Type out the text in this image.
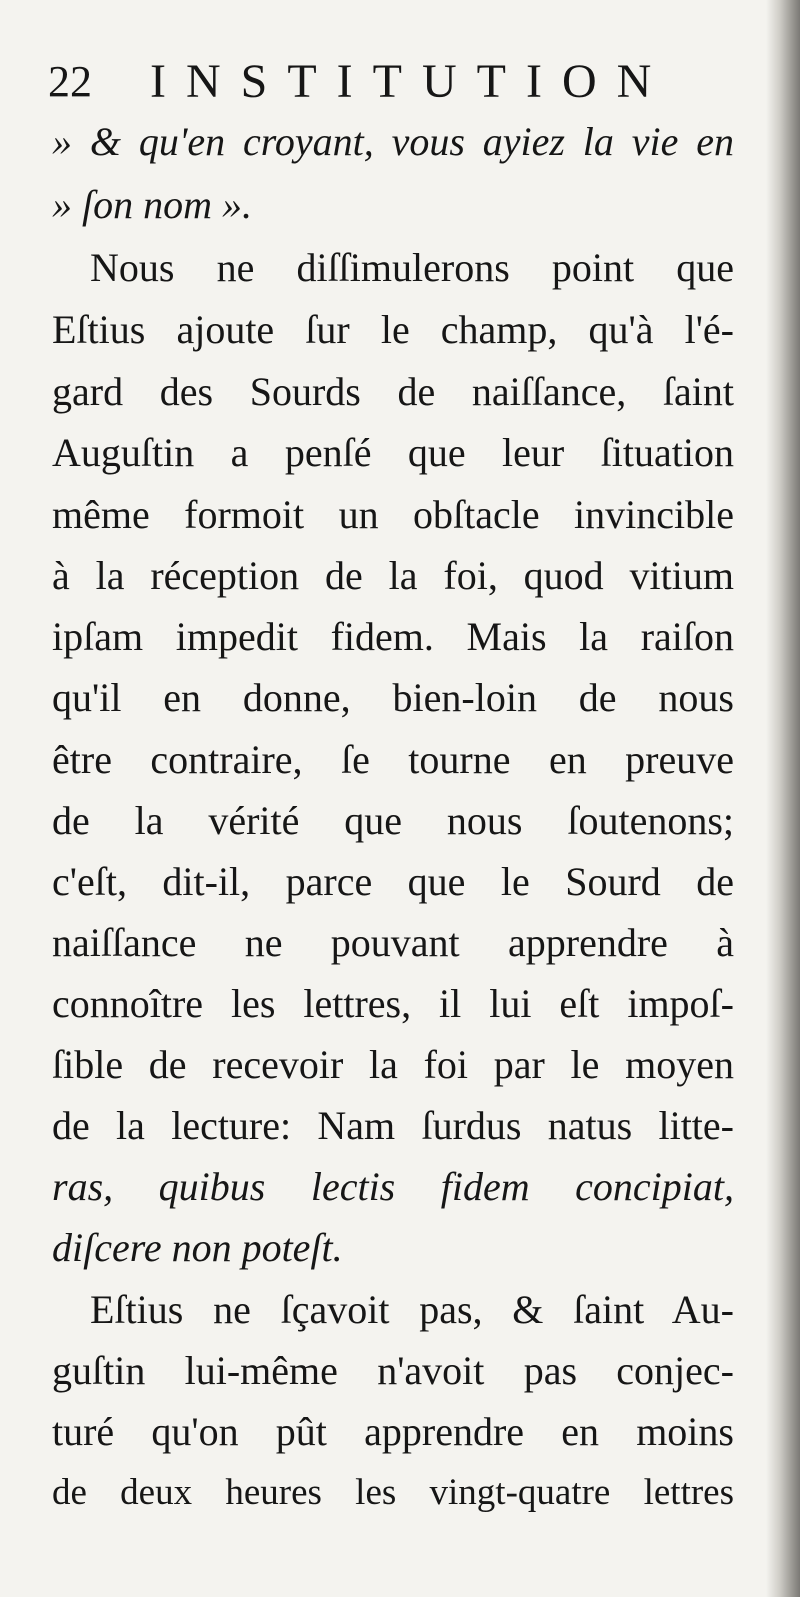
22 INSTITUTION
» & qu'en croyant, vous ayiez la vie en
» ſon nom ».
Nous ne diſſimulerons point que
Eſtius ajoute ſur le champ, qu'à l'é-
gard des Sourds de naiſſance, ſaint
Auguſtin a penſé que leur ſituation
même formoit un obſtacle invincible
à la réception de la foi, quod vitium
ipſam impedit fidem. Mais la raiſon
qu'il en donne, bien-loin de nous
être contraire, ſe tourne en preuve
de la vérité que nous ſoutenons;
c'eſt, dit-il, parce que le Sourd de
naiſſance ne pouvant apprendre à
connoître les lettres, il lui eſt impoſ-
ſible de recevoir la foi par le moyen
de la lecture: Nam ſurdus natus litte-
ras, quibus lectis fidem concipiat,
diſcere non poteſt.
Eſtius ne ſçavoit pas, & ſaint Au-
guſtin lui-même n'avoit pas conjec-
turé qu'on pût apprendre en moins
de deux heures les vingt-quatre lettres
